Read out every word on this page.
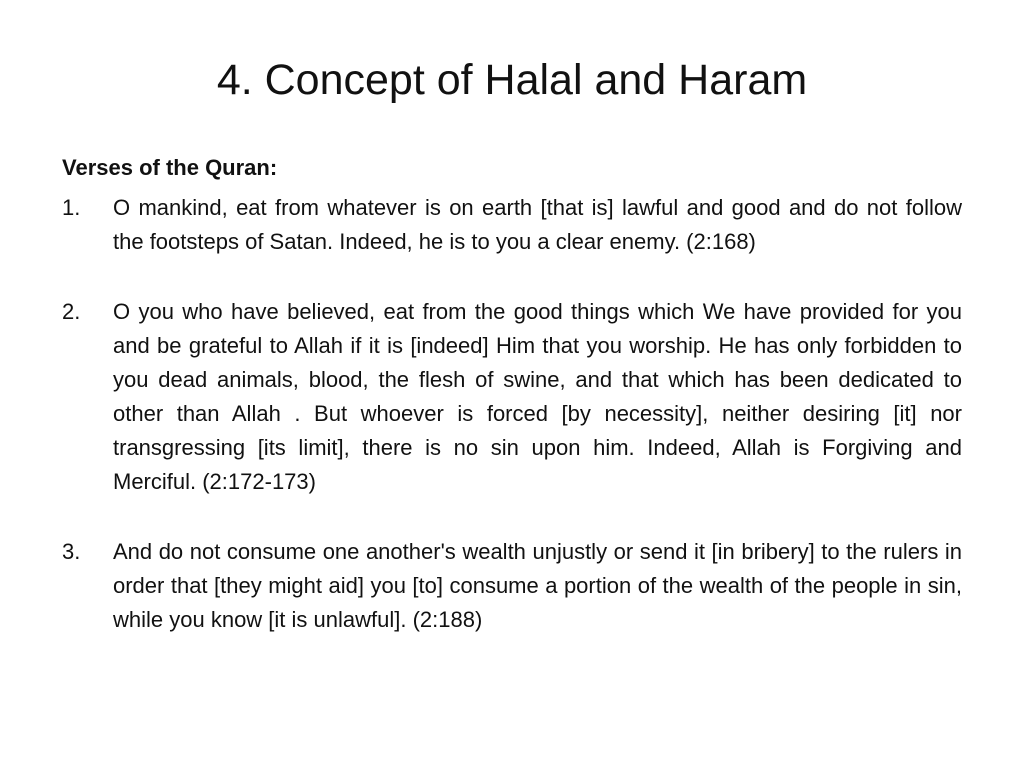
4. Concept of Halal and Haram
Verses of the Quran:
1. O mankind, eat from whatever is on earth [that is] lawful and good and do not follow the footsteps of Satan. Indeed, he is to you a clear enemy. (2:168)
2. O you who have believed, eat from the good things which We have provided for you and be grateful to Allah if it is [indeed] Him that you worship. He has only forbidden to you dead animals, blood, the flesh of swine, and that which has been dedicated to other than Allah . But whoever is forced [by necessity], neither desiring [it] nor transgressing [its limit], there is no sin upon him. Indeed, Allah is Forgiving and Merciful. (2:172-173)
3. And do not consume one another's wealth unjustly or send it [in bribery] to the rulers in order that [they might aid] you [to] consume a portion of the wealth of the people in sin, while you know [it is unlawful]. (2:188)
